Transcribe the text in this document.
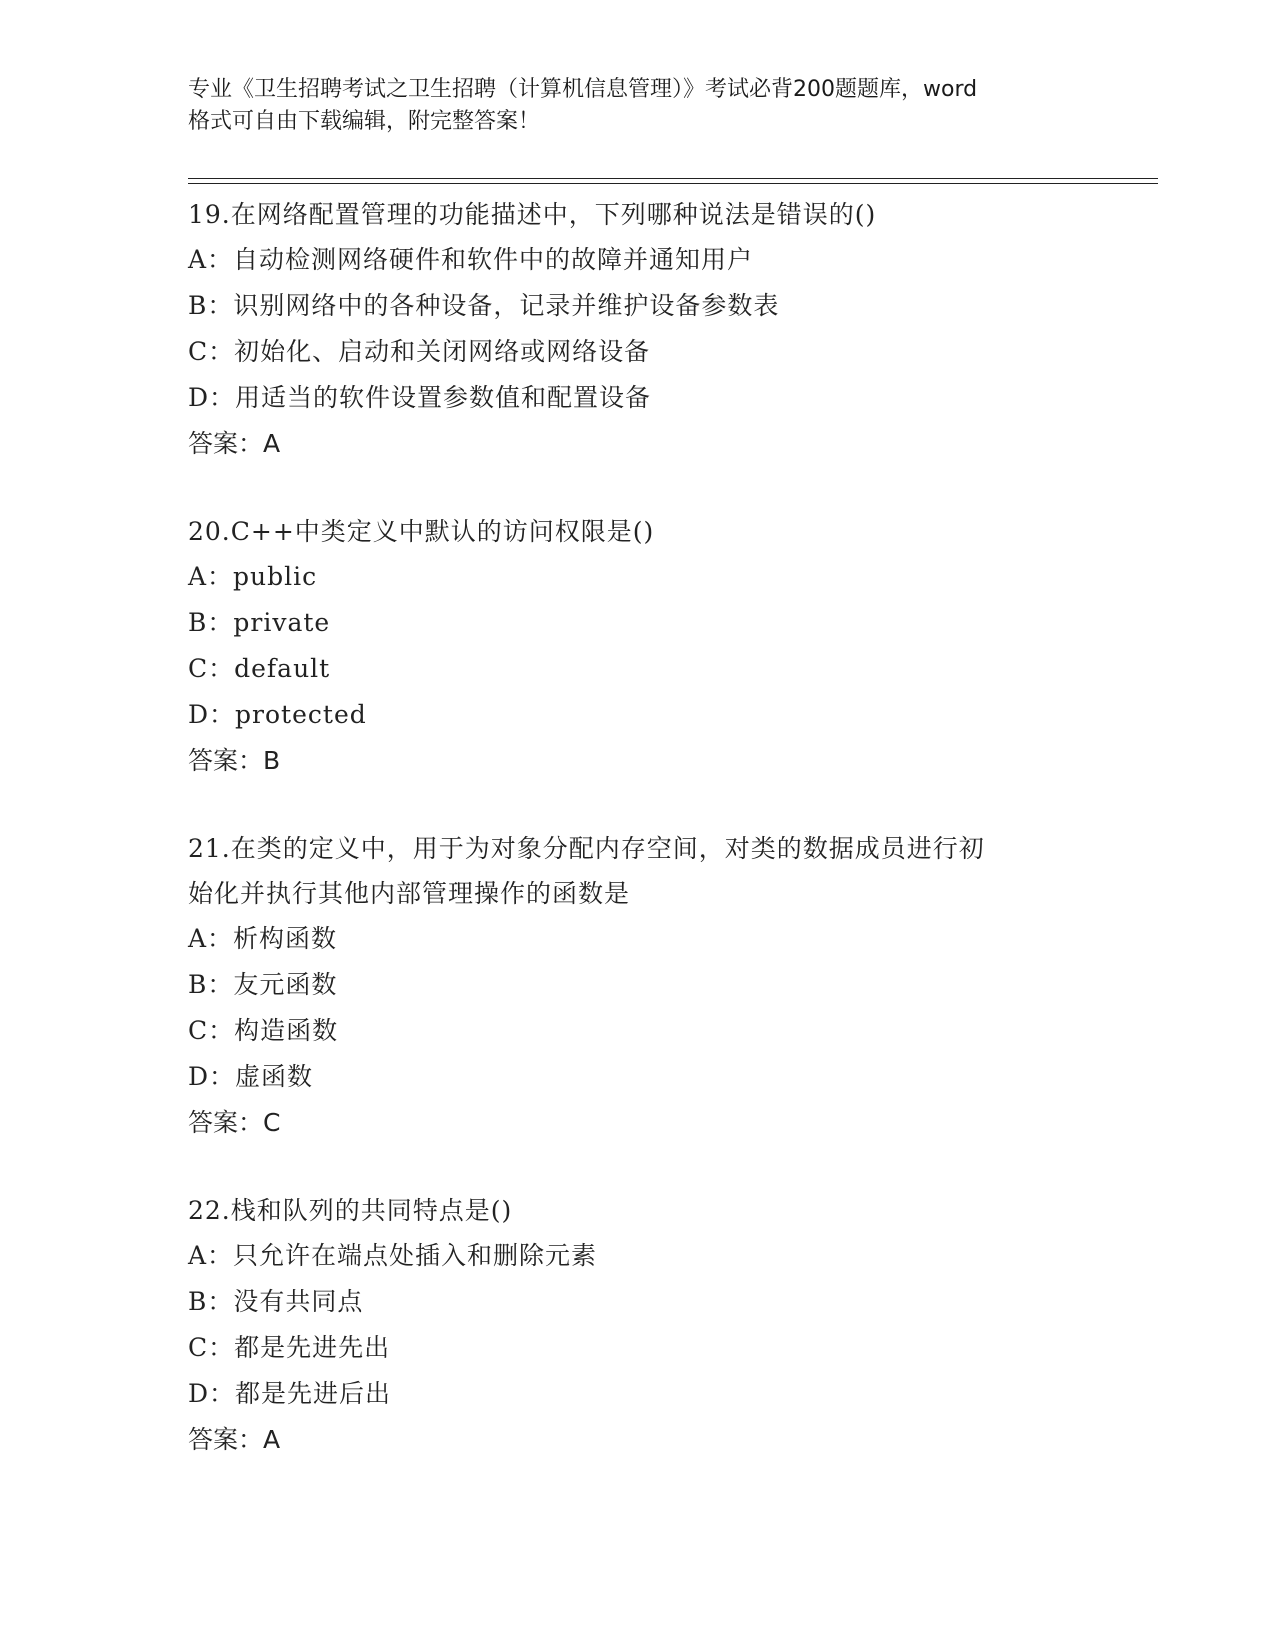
专业《卫生招聘考试之卫生招聘（计算机信息管理）》考试必背200题题库，word
格式可自由下载编辑，附完整答案！
19.在网络配置管理的功能描述中，下列哪种说法是错误的()
A：自动检测网络硬件和软件中的故障并通知用户
B：识别网络中的各种设备，记录并维护设备参数表
C：初始化、启动和关闭网络或网络设备
D：用适当的软件设置参数值和配置设备
答案：A
20.C++中类定义中默认的访问权限是()
A：public
B：private
C：default
D：protected
答案：B
21.在类的定义中，用于为对象分配内存空间，对类的数据成员进行初
始化并执行其他内部管理操作的函数是
A：析构函数
B：友元函数
C：构造函数
D：虚函数
答案：C
22.栈和队列的共同特点是()
A：只允许在端点处插入和删除元素
B：没有共同点
C：都是先进先出
D：都是先进后出
答案：A
